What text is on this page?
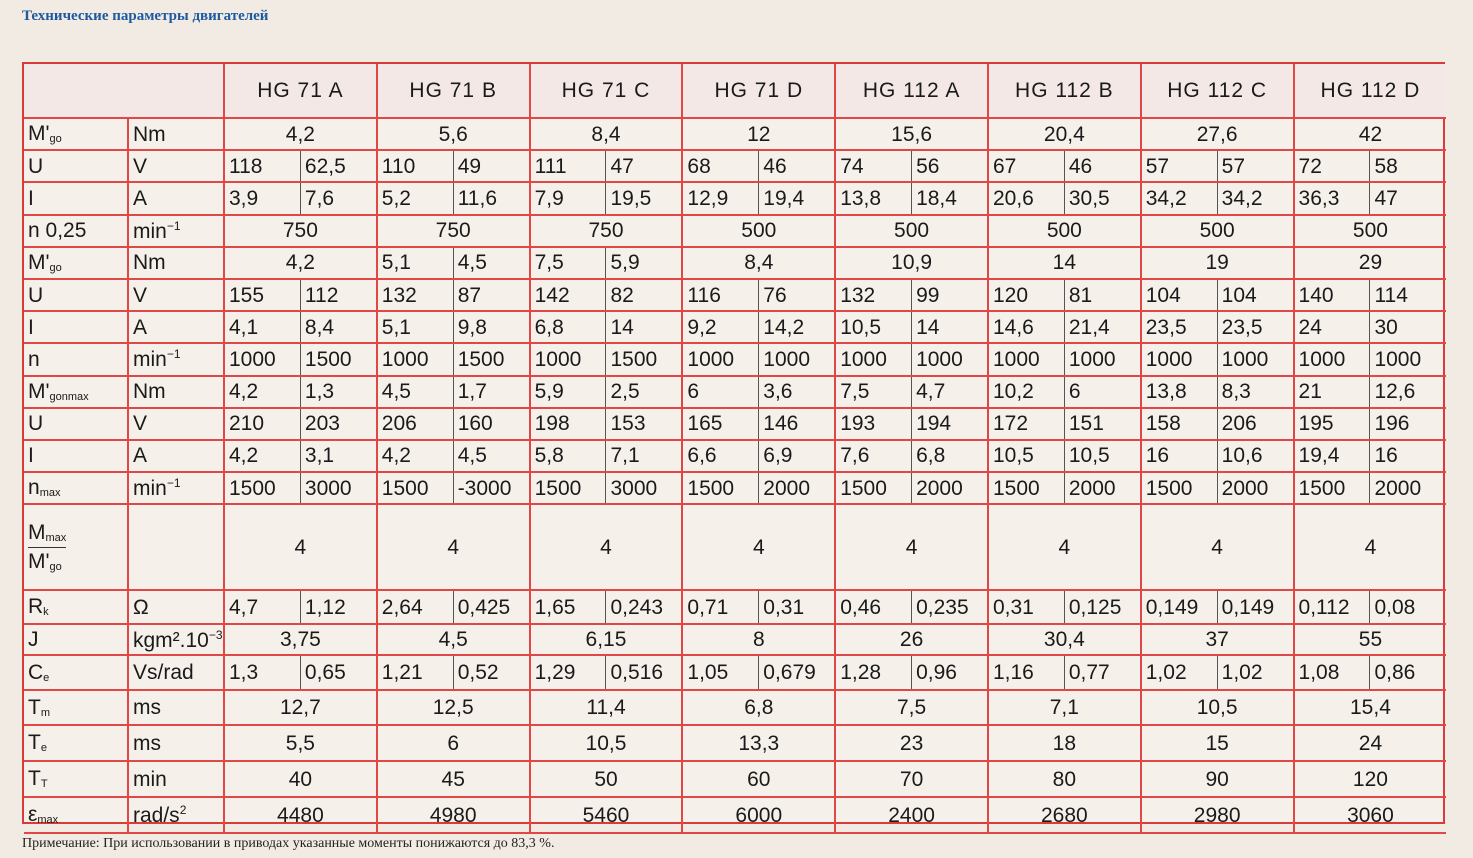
Технические параметры двигателей
		HG 71 A		HG 71 B		HG 71 C		HG 71 D		HG 112 A		HG 112 B		HG 112 C		HG 112 D	
$M'_{go}$	Nm	4,2		5,6		8,4		12		15,6		20,4		27,6		42	
U	V	118	62,5	110	49	111	47	68	46	74	56	67	46	57	57	72	58
I	A	3,9	7,6	5,2	11,6	7,9	19,5	12,9	19,4	13,8	18,4	20,6	30,5	34,2	34,2	36,3	47
n 0,25	$\min^{-1}$	750		750		750		500		500		500		500		500	
$M'_{go}$	Nm	4,2		5,1	4,5	7,5	5,9	8,4		10,9		14		19		29	
U	V	155	112	132	87	142	82	116	76	132	99	120	81	104	104	140	114
I	A	4,1	8,4	5,1	9,8	6,8	14	9,2	14,2	10,5	14	14,6	21,4	23,5	23,5	24	30
n	$\min^{-1}$	1000	1500	1000	1500	1000	1500	1000	1000	1000	1000	1000	1000	1000	1000	1000	1000
$M'_{gonmax}$	Nm	4,2	1,3	4,5	1,7	5,9	2,5	6	3,6	7,5	4,7	10,2	6	13,8	8,3	21	12,6
U	V	210	203	206	160	198	153	165	146	193	194	172	151	158	206	195	196
I	A	4,2	3,1	4,2	4,5	5,8	7,1	6,6	6,9	7,6	6,8	10,5	10,5	16	10,6	19,4	16
$n_{max}$	$\min^{-1}$	1500	3000	1500	-3000	1500	3000	1500	2000	1500	2000	1500	2000	1500	2000	1500	2000

$\frac{M_{max}}{M'_{go}}$		4		4		4		4		4		4		4		4	
$R_k$	Ω	4,7	1,12	2,64	0,425	1,65	0,243	0,71	0,31	0,46	0,235	0,31	0,125	0,149	0,149	0,112	0,08
J	$kgm^2.10^{-3}$	3,75		4,5		6,15		8		26		30,4		37		55	
$C_e$	Vs/rad	1,3	0,65	1,21	0,52	1,29	0,516	1,05	0,679	1,28	0,96	1,16	0,77	1,02	1,02	1,08	0,86
$T_m$	ms	12,7		12,5		11,4		6,8		7,5		7,1		10,5		15,4	
$T_e$	ms	5,5		6		10,5		13,3		23		18		15		24	
$T_T$	min	40		45		50		60		70		80		90		120	
$\varepsilon_{max}$	rad/$s^2$	4480		4980		5460		6000		2400		2680		2980		3060	
Примечание: При использовании в приводах указанные моменты понижаются до 83,3 %.
